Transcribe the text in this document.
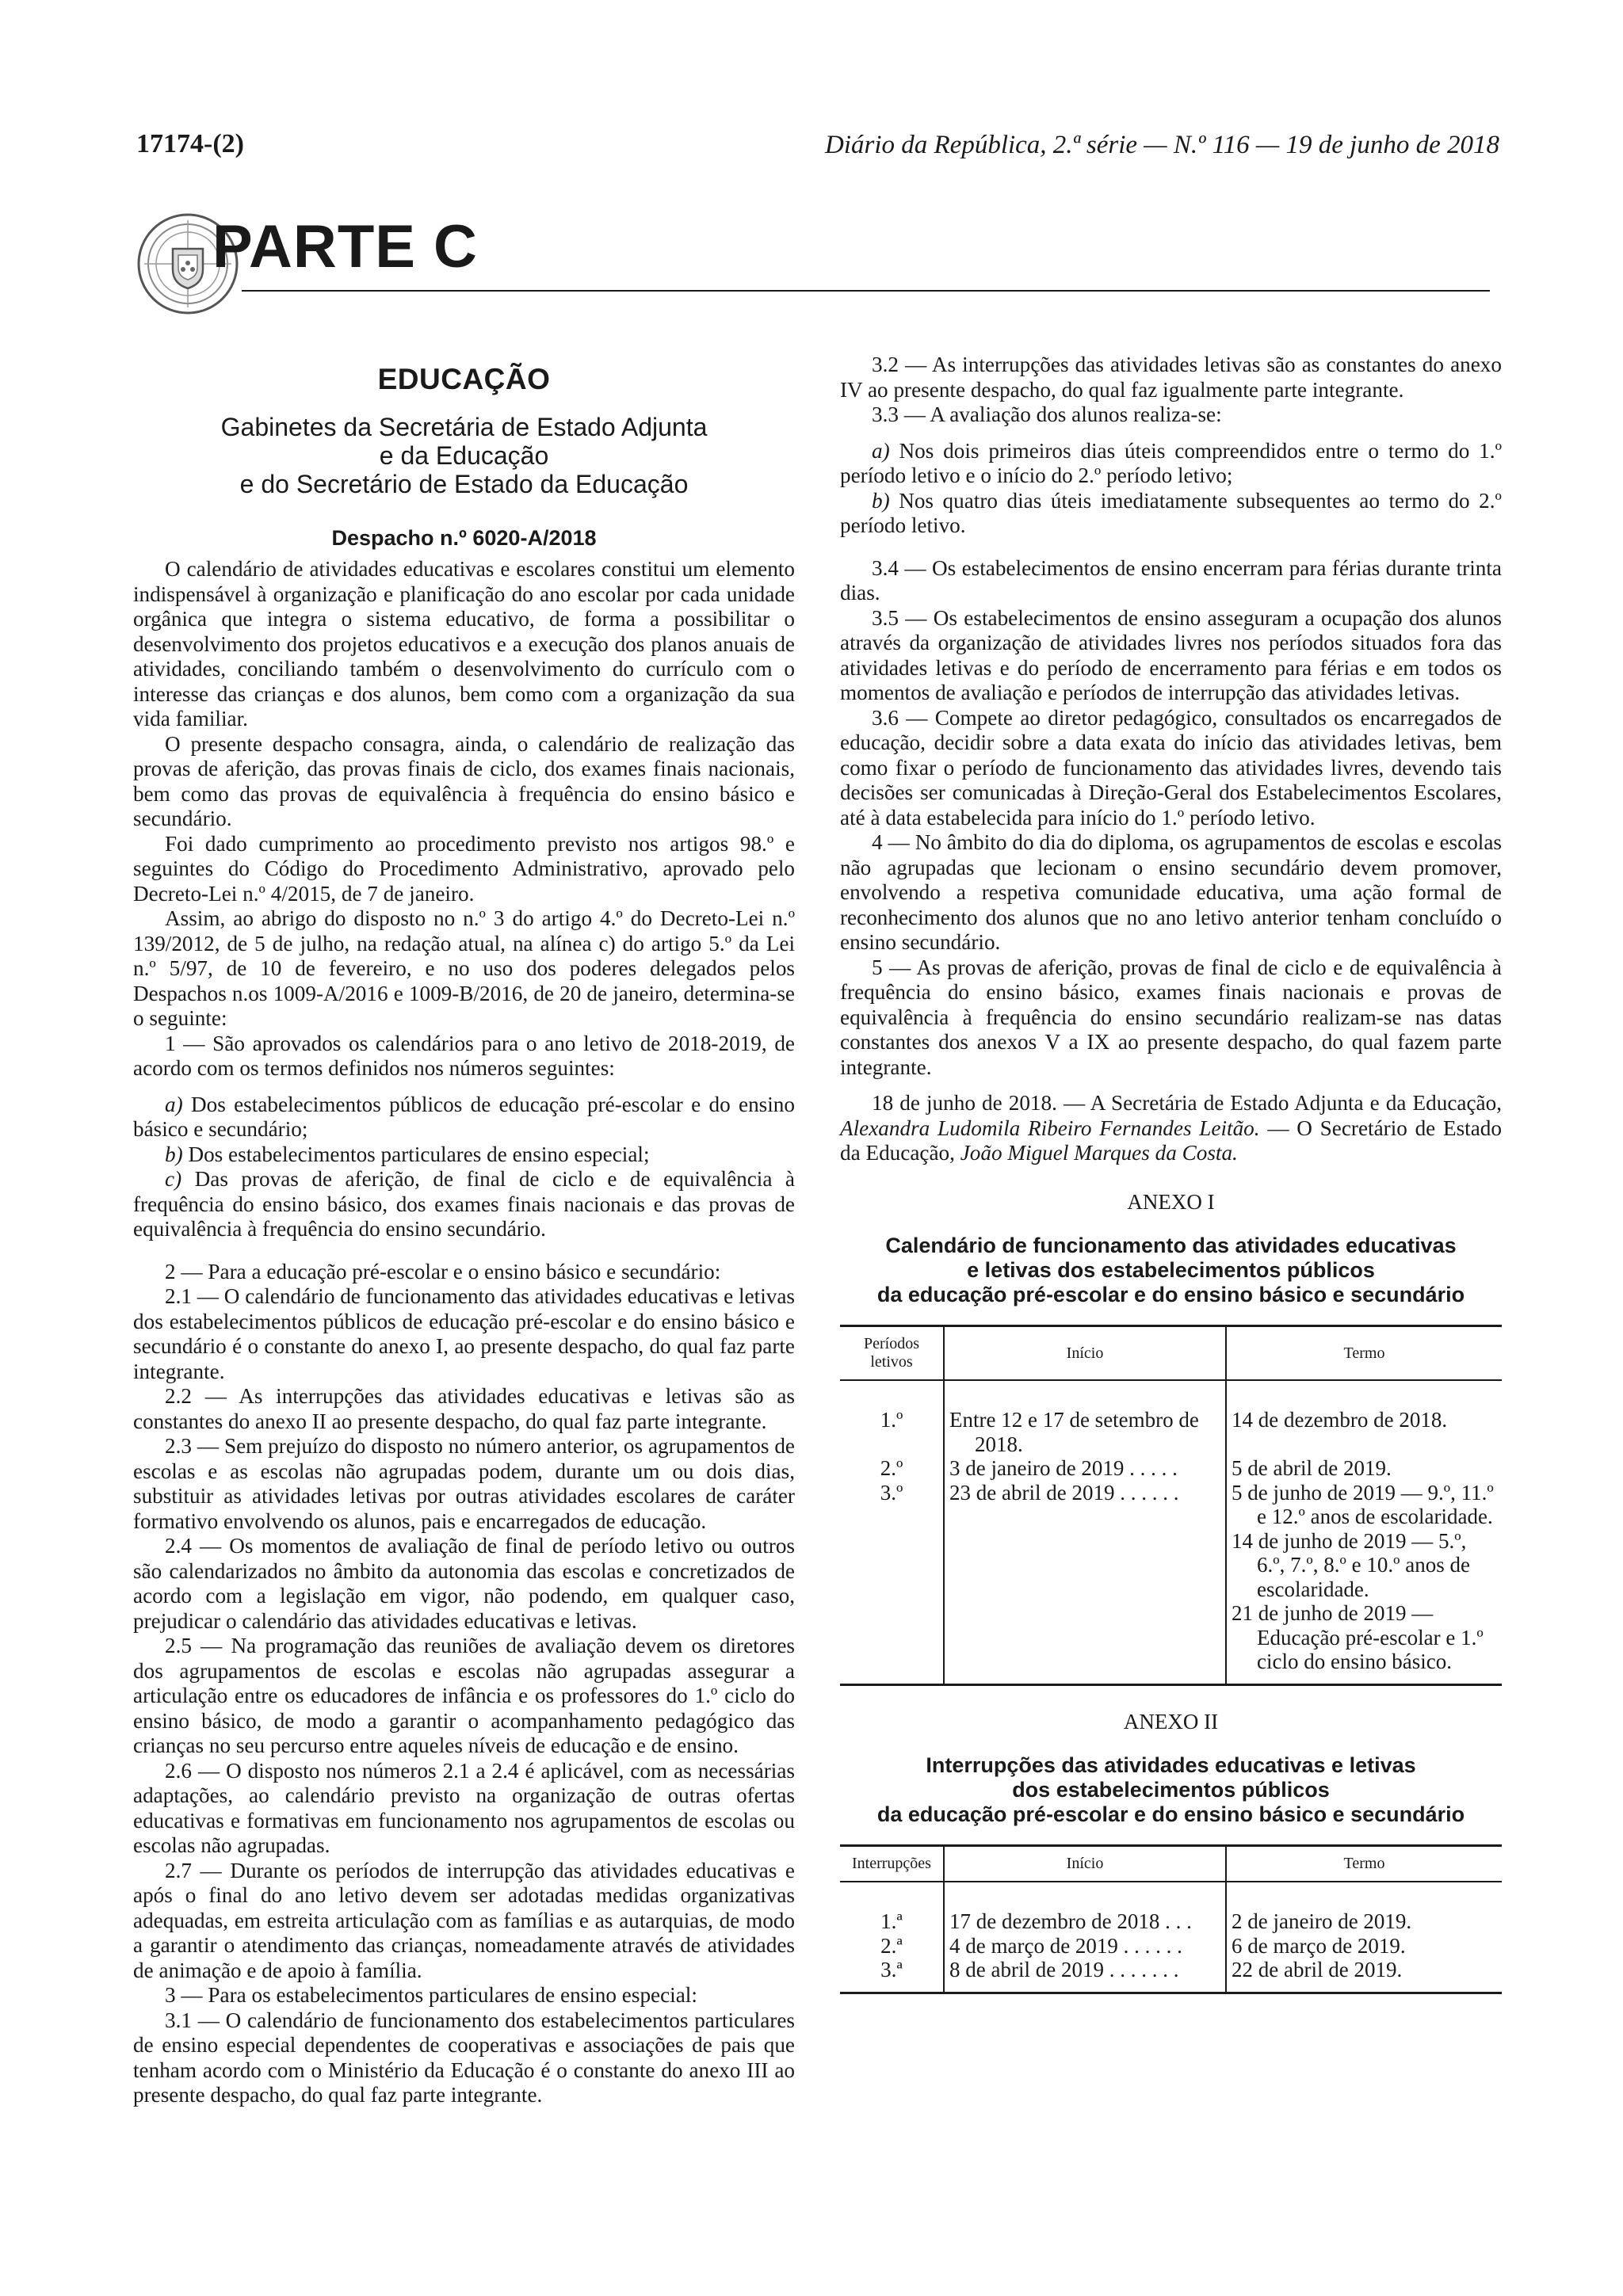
17174-(2)	Diário da República, 2.ª série — N.º 116 — 19 de junho de 2018
PARTE C
EDUCAÇÃO
Gabinetes da Secretária de Estado Adjunta
e da Educação
e do Secretário de Estado da Educação
Despacho n.º 6020-A/2018

O calendário de atividades educativas e escolares constitui um elemento indispensável à organização e planificação do ano escolar por cada unidade orgânica que integra o sistema educativo, de forma a possibilitar o desenvolvimento dos projetos educativos e a execução dos planos anuais de atividades, conciliando também o desenvolvimento do currículo com o interesse das crianças e dos alunos, bem como com a organização da sua vida familiar.

O presente despacho consagra, ainda, o calendário de realização das provas de aferição, das provas finais de ciclo, dos exames finais nacionais, bem como das provas de equivalência à frequência do ensino básico e secundário.

Foi dado cumprimento ao procedimento previsto nos artigos 98.º e seguintes do Código do Procedimento Administrativo, aprovado pelo Decreto-Lei n.º 4/2015, de 7 de janeiro.

Assim, ao abrigo do disposto no n.º 3 do artigo 4.º do Decreto-Lei n.º 139/2012, de 5 de julho, na redação atual, na alínea c) do artigo 5.º da Lei n.º 5/97, de 10 de fevereiro, e no uso dos poderes delegados pelos Despachos n.os 1009-A/2016 e 1009-B/2016, de 20 de janeiro, determina-se o seguinte:

1 — São aprovados os calendários para o ano letivo de 2018-2019, de acordo com os termos definidos nos números seguintes:

a) Dos estabelecimentos públicos de educação pré-escolar e do ensino básico e secundário;

b) Dos estabelecimentos particulares de ensino especial;

c) Das provas de aferição, de final de ciclo e de equivalência à frequência do ensino básico, dos exames finais nacionais e das provas de equivalência à frequência do ensino secundário.

2 — Para a educação pré-escolar e o ensino básico e secundário:

2.1 — O calendário de funcionamento das atividades educativas e letivas dos estabelecimentos públicos de educação pré-escolar e do ensino básico e secundário é o constante do anexo I, ao presente despacho, do qual faz parte integrante.

2.2 — As interrupções das atividades educativas e letivas são as constantes do anexo II ao presente despacho, do qual faz parte integrante.

2.3 — Sem prejuízo do disposto no número anterior, os agrupamentos de escolas e as escolas não agrupadas podem, durante um ou dois dias, substituir as atividades letivas por outras atividades escolares de caráter formativo envolvendo os alunos, pais e encarregados de educação.

2.4 — Os momentos de avaliação de final de período letivo ou outros são calendarizados no âmbito da autonomia das escolas e concretizados de acordo com a legislação em vigor, não podendo, em qualquer caso, prejudicar o calendário das atividades educativas e letivas.

2.5 — Na programação das reuniões de avaliação devem os diretores dos agrupamentos de escolas e escolas não agrupadas assegurar a articulação entre os educadores de infância e os professores do 1.º ciclo do ensino básico, de modo a garantir o acompanhamento pedagógico das crianças no seu percurso entre aqueles níveis de educação e de ensino.

2.6 — O disposto nos números 2.1 a 2.4 é aplicável, com as necessárias adaptações, ao calendário previsto na organização de outras ofertas educativas e formativas em funcionamento nos agrupamentos de escolas ou escolas não agrupadas.

2.7 — Durante os períodos de interrupção das atividades educativas e após o final do ano letivo devem ser adotadas medidas organizativas adequadas, em estreita articulação com as famílias e as autarquias, de modo a garantir o atendimento das crianças, nomeadamente através de atividades de animação e de apoio à família.

3 — Para os estabelecimentos particulares de ensino especial:

3.1 — O calendário de funcionamento dos estabelecimentos particulares de ensino especial dependentes de cooperativas e associações de pais que tenham acordo com o Ministério da Educação é o constante do anexo III ao presente despacho, do qual faz parte integrante.

3.2 — As interrupções das atividades letivas são as constantes do anexo IV ao presente despacho, do qual faz igualmente parte integrante.

3.3 — A avaliação dos alunos realiza-se:

a) Nos dois primeiros dias úteis compreendidos entre o termo do 1.º período letivo e o início do 2.º período letivo;

b) Nos quatro dias úteis imediatamente subsequentes ao termo do 2.º período letivo.

3.4 — Os estabelecimentos de ensino encerram para férias durante trinta dias.

3.5 — Os estabelecimentos de ensino asseguram a ocupação dos alunos através da organização de atividades livres nos períodos situados fora das atividades letivas e do período de encerramento para férias e em todos os momentos de avaliação e períodos de interrupção das atividades letivas.

3.6 — Compete ao diretor pedagógico, consultados os encarregados de educação, decidir sobre a data exata do início das atividades letivas, bem como fixar o período de funcionamento das atividades livres, devendo tais decisões ser comunicadas à Direção-Geral dos Estabelecimentos Escolares, até à data estabelecida para início do 1.º período letivo.

4 — No âmbito do dia do diploma, os agrupamentos de escolas e escolas não agrupadas que lecionam o ensino secundário devem promover, envolvendo a respetiva comunidade educativa, uma ação formal de reconhecimento dos alunos que no ano letivo anterior tenham concluído o ensino secundário.

5 — As provas de aferição, provas de final de ciclo e de equivalência à frequência do ensino básico, exames finais nacionais e provas de equivalência à frequência do ensino secundário realizam-se nas datas constantes dos anexos V a IX ao presente despacho, do qual fazem parte integrante.

18 de junho de 2018. — A Secretária de Estado Adjunta e da Educação, Alexandra Ludomila Ribeiro Fernandes Leitão. — O Secretário de Estado da Educação, João Miguel Marques da Costa.

ANEXO I
Calendário de funcionamento das atividades educativas
e letivas dos estabelecimentos públicos
da educação pré-escolar e do ensino básico e secundário
Períodos letivos	Início	Termo
1.º	Entre 12 e 17 de setembro de 2018.	14 de dezembro de 2018.

2.º	3 de janeiro de 2019 . . . . .	5 de abril de 2019.

3.º	23 de abril de 2019 . . . . . .	5 de junho de 2019 — 9.º, 11.º e 12.º anos de escolaridade.
14 de junho de 2019 — 5.º, 6.º, 7.º, 8.º e 10.º anos de escolaridade.
21 de junho de 2019 — Educação pré-escolar e 1.º ciclo do ensino básico.
ANEXO II
Interrupções das atividades educativas e letivas
dos estabelecimentos públicos
da educação pré-escolar e do ensino básico e secundário
Interrupções	Início	Termo
1.ª	17 de dezembro de 2018 . . .	2 de janeiro de 2019.
2.ª	4 de março de 2019 . . . . . .	6 de março de 2019.
3.ª	8 de abril de 2019 . . . . . . .	22 de abril de 2019.
